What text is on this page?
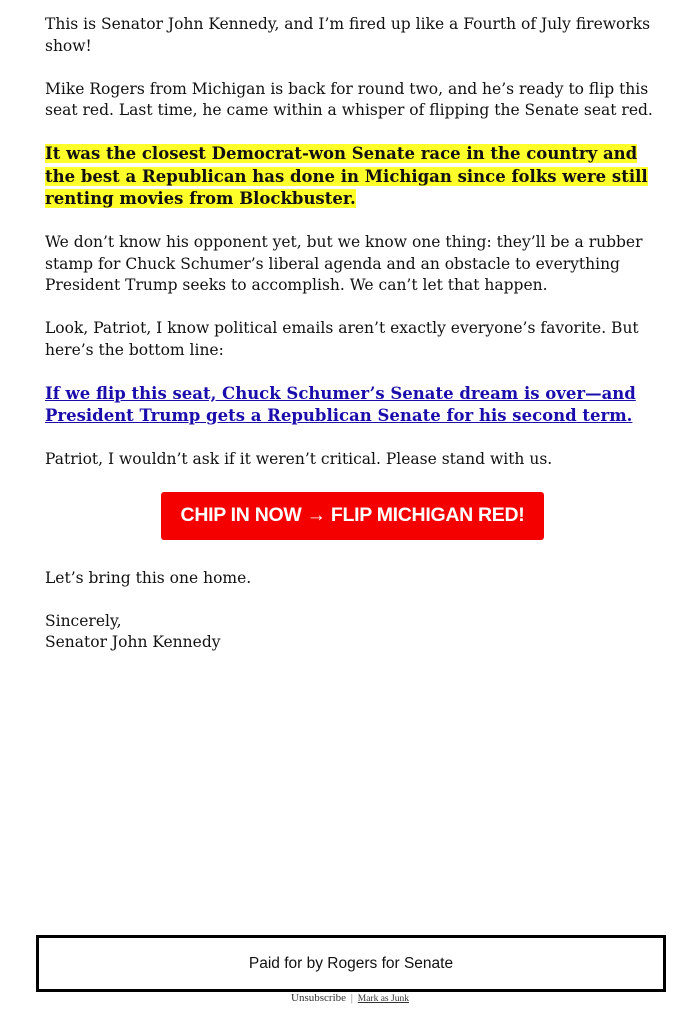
This is Senator John Kennedy, and I’m fired up like a Fourth of July fireworks show!

Mike Rogers from Michigan is back for round two, and he’s ready to flip this seat red. Last time, he came within a whisper of flipping the Senate seat red.

It was the closest Democrat-won Senate race in the country and the best a Republican has done in Michigan since folks were still renting movies from Blockbuster.

We don’t know his opponent yet, but we know one thing: they’ll be a rubber stamp for Chuck Schumer’s liberal agenda and an obstacle to everything President Trump seeks to accomplish. We can’t let that happen.

Look, Patriot, I know political emails aren’t exactly everyone’s favorite. But here’s the bottom line:

If we flip this seat, Chuck Schumer’s Senate dream is over—and President Trump gets a Republican Senate for his second term.

Patriot, I wouldn’t ask if it weren’t critical. Please stand with us.

CHIP IN NOW → FLIP MICHIGAN RED!

Let’s bring this one home.

Sincerely,
Senator John Kennedy

Paid for by Rogers for Senate
Unsubscribe | Mark as Junk
